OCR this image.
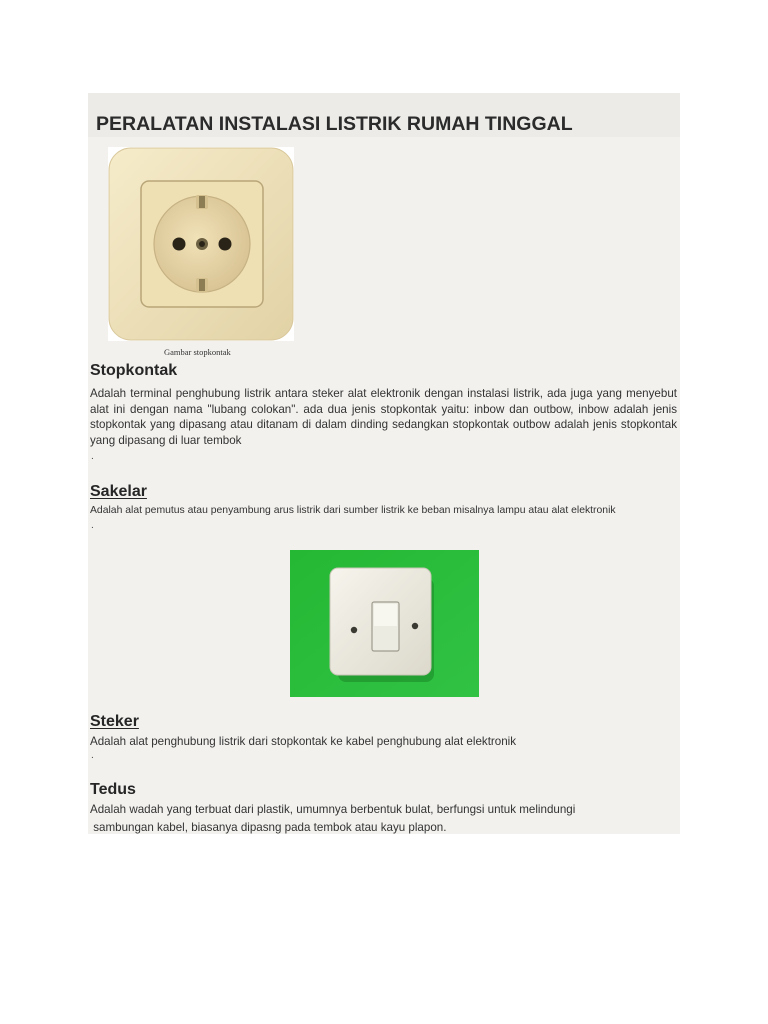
PERALATAN INSTALASI LISTRIK RUMAH TINGGAL
Gambar stopkontak
Stopkontak
Adalah terminal penghubung listrik antara steker alat elektronik dengan instalasi listrik, ada juga yang menyebut alat ini dengan nama "lubang colokan". ada dua jenis stopkontak yaitu: inbow dan outbow, inbow adalah jenis stopkontak yang dipasang atau ditanam di dalam dinding sedangkan stopkontak outbow adalah jenis stopkontak yang dipasang di luar tembok
.
Sakelar
Adalah alat pemutus atau penyambung arus listrik dari sumber listrik ke beban misalnya lampu atau alat elektronik
.
Steker
Adalah alat penghubung listrik dari stopkontak ke kabel penghubung alat elektronik
.
Tedus
Adalah wadah yang terbuat dari plastik, umumnya berbentuk bulat, berfungsi untuk melindungi
sambungan kabel, biasanya dipasng pada tembok atau kayu plapon.
